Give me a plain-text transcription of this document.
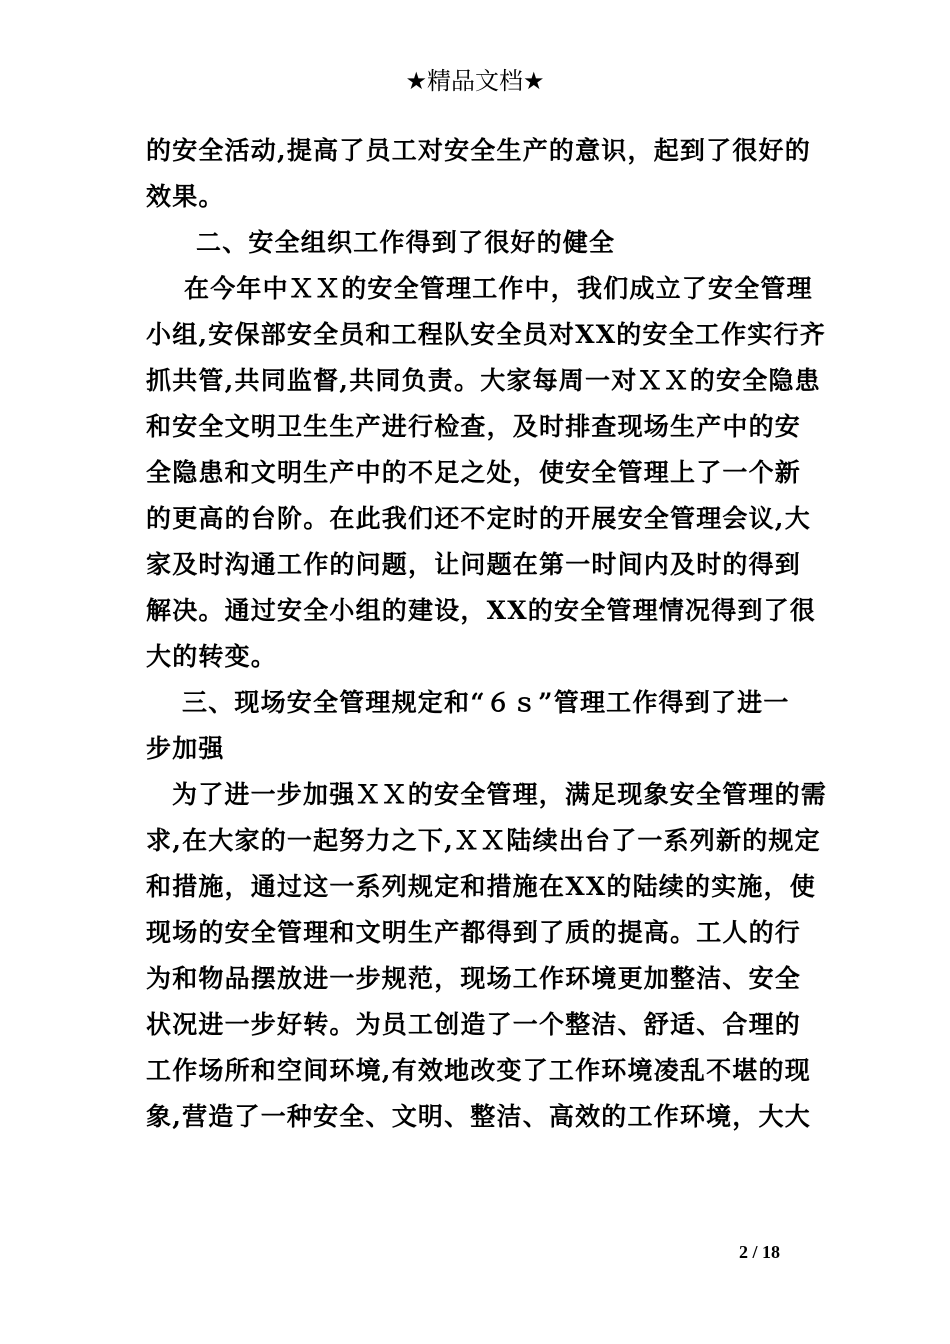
★精品文档★
的安全活动,提高了员工对安全生产的意识，起到了很好的
效果。
二、安全组织工作得到了很好的健全
在今年中ＸＸ的安全管理工作中，我们成立了安全管理
小组,安保部安全员和工程队安全员对XX的安全工作实行齐
抓共管,共同监督,共同负责。大家每周一对ＸＸ的安全隐患
和安全文明卫生生产进行检查，及时排查现场生产中的安
全隐患和文明生产中的不足之处，使安全管理上了一个新
的更高的台阶。在此我们还不定时的开展安全管理会议,大
家及时沟通工作的问题，让问题在第一时间内及时的得到
解决。通过安全小组的建设，XX的安全管理情况得到了很
大的转变。
三、现场安全管理规定和“６ｓ”管理工作得到了进一
步加强
为了进一步加强ＸＸ的安全管理，满足现象安全管理的需
求,在大家的一起努力之下,ＸＸ陆续出台了一系列新的规定
和措施，通过这一系列规定和措施在XX的陆续的实施，使
现场的安全管理和文明生产都得到了质的提高。工人的行
为和物品摆放进一步规范，现场工作环境更加整洁、安全
状况进一步好转。为员工创造了一个整洁、舒适、合理的
工作场所和空间环境,有效地改变了工作环境凌乱不堪的现
象,营造了一种安全、文明、整洁、高效的工作环境，大大
2 / 18
